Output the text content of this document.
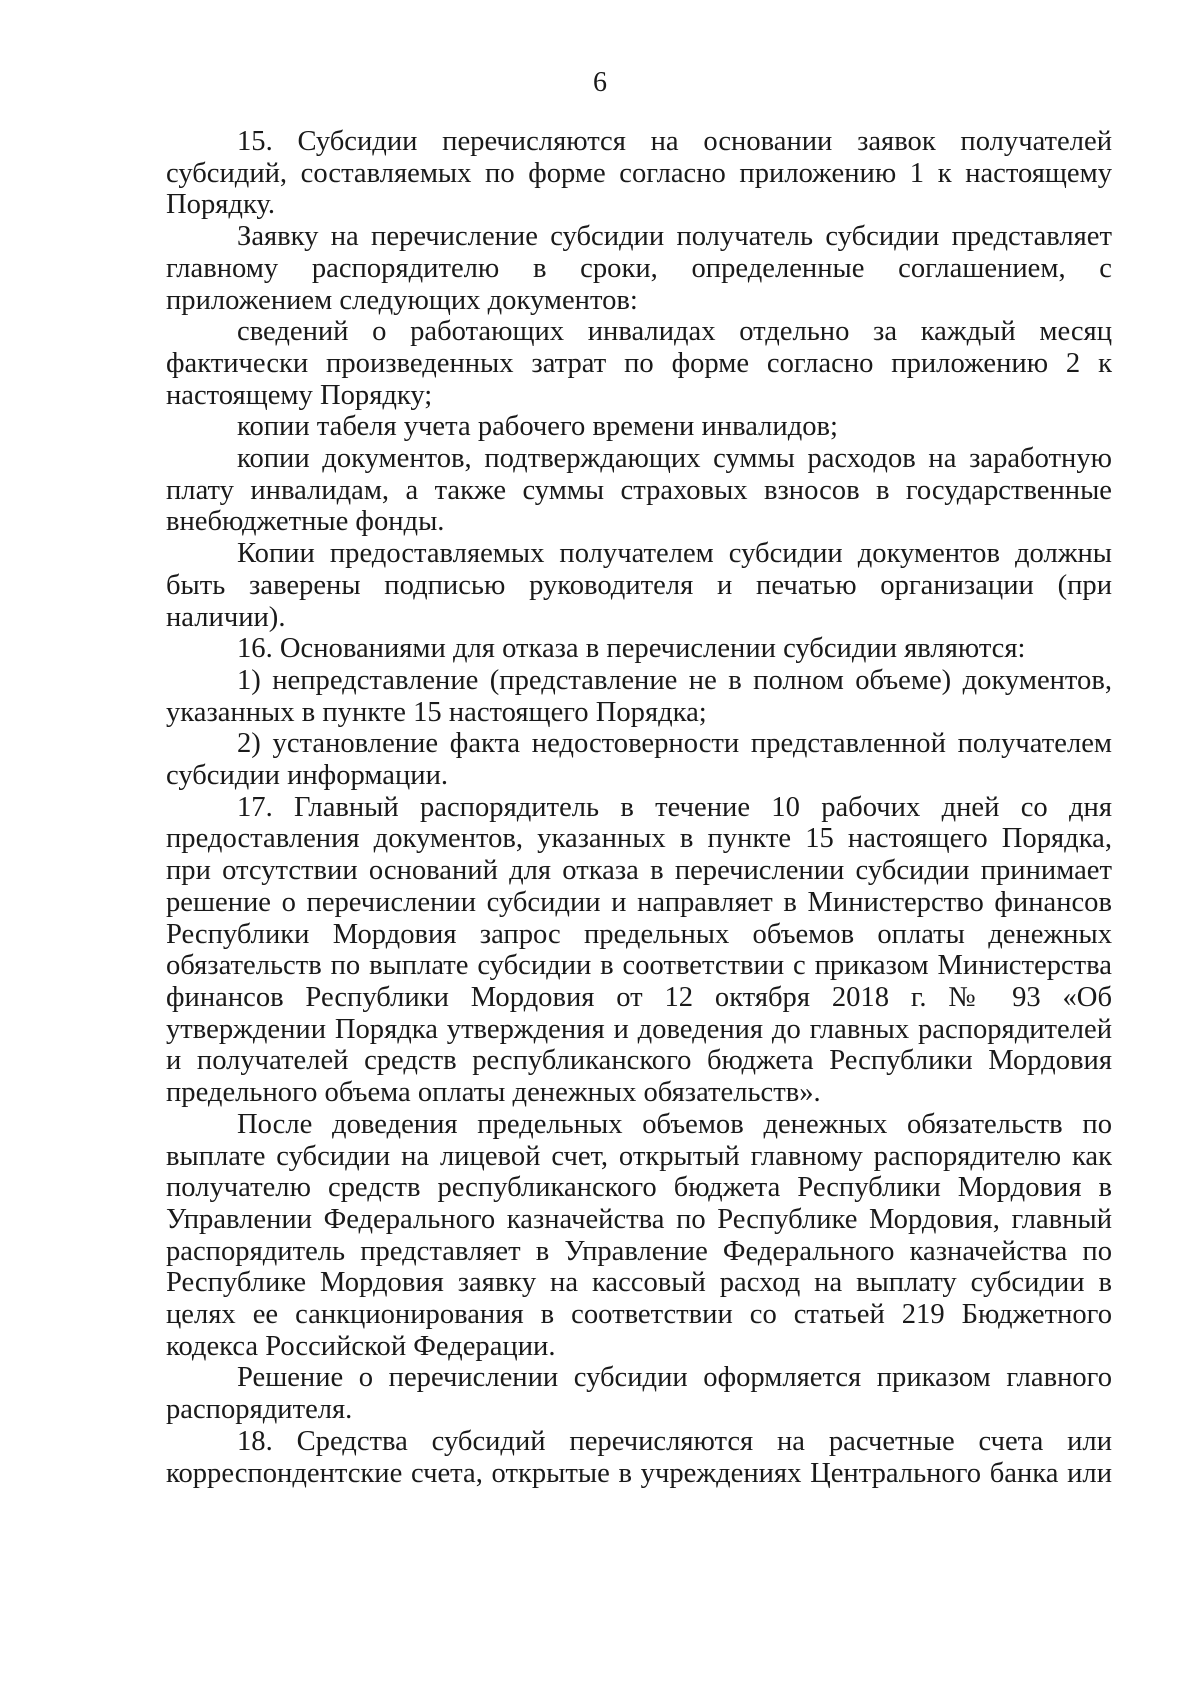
6

15. Субсидии перечисляются на основании заявок получателей субсидий, составляемых по форме согласно приложению 1 к настоящему Порядку.

Заявку на перечисление субсидии получатель субсидии представляет главному распорядителю в сроки, определенные соглашением, с приложением следующих документов:

сведений о работающих инвалидах отдельно за каждый месяц фактически произведенных затрат по форме согласно приложению 2 к настоящему Порядку;

копии табеля учета рабочего времени инвалидов;

копии документов, подтверждающих суммы расходов на заработную плату инвалидам, а также суммы страховых взносов в государственные внебюджетные фонды.

Копии предоставляемых получателем субсидии документов должны быть заверены подписью руководителя и печатью организации (при наличии).

16. Основаниями для отказа в перечислении субсидии являются:

1) непредставление (представление не в полном объеме) документов, указанных в пункте 15 настоящего Порядка;

2) установление факта недостоверности представленной получателем субсидии информации.

17. Главный распорядитель в течение 10 рабочих дней со дня предоставления документов, указанных в пункте 15 настоящего Порядка, при отсутствии оснований для отказа в перечислении субсидии принимает решение о перечислении субсидии и направляет в Министерство финансов Республики Мордовия запрос предельных объемов оплаты денежных обязательств по выплате субсидии в соответствии с приказом Министерства финансов Республики Мордовия от 12 октября 2018 г. № 93 «Об утверждении Порядка утверждения и доведения до главных распорядителей и получателей средств республиканского бюджета Республики Мордовия предельного объема оплаты денежных обязательств».

После доведения предельных объемов денежных обязательств по выплате субсидии на лицевой счет, открытый главному распорядителю как получателю средств республиканского бюджета Республики Мордовия в Управлении Федерального казначейства по Республике Мордовия, главный распорядитель представляет в Управление Федерального казначейства по Республике Мордовия заявку на кассовый расход на выплату субсидии в целях ее санкционирования в соответствии со статьей 219 Бюджетного кодекса Российской Федерации.

Решение о перечислении субсидии оформляется приказом главного распорядителя.

18. Средства субсидий перечисляются на расчетные счета или корреспондентские счета, открытые в учреждениях Центрального банка или
